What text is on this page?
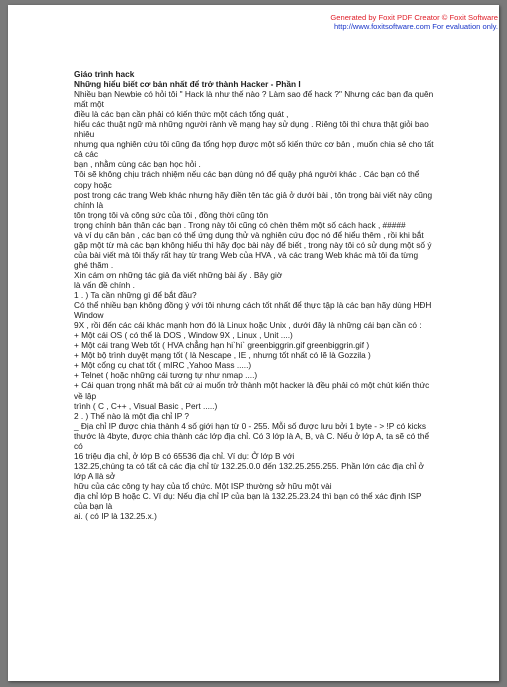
Generated by Foxit PDF Creator © Foxit Software
http://www.foxitsoftware.com For evaluation only.
Giáo trình hack
Những hiểu biết cơ bản nhất để trở thành Hacker - Phần I
Nhiều bạn Newbie có hỏi tôi " Hack là như thế nào ? Làm sao để hack ?" Nhưng các bạn đa quên mất một
điều là các bạn cần phải có kiến thức một cách tổng quát ,
hiểu các thuật ngữ mà những người rành về mạng hay sử dụng . Riêng tôi thì chưa thật giỏi bao nhiêu
nhưng qua nghiên cứu tôi cũng đa tổng hợp được một số kiến thức cơ bản , muốn chia sẻ cho tất cả các
bạn , nhằm cùng các bạn học hỏi .
Tôi sẽ không chịu trách nhiệm nếu các bạn dùng nó để quậy phá người khác . Các bạn có thể copy hoặc
post trong các trang Web khác nhưng hãy điền tên tác giả ở dưới bài , tôn trọng bài viết này cũng chính là
tôn trọng tôi và công sức của tôi , đồng thời cũng tôn
trọng chính bản thân các bạn . Trong này tôi cũng có chèn thêm một số cách hack , #####
và ví dụ căn bản , các bạn có thể ứng dụng thử và nghiên cứu đọc nó để hiểu thêm , rồi khi bắt gặp một từ mà các bạn không hiểu thì hãy đọc bài này để biết , trong này tôi có sử dụng một số ý
của bài viết mà tôi thấy rất hay từ trang Web của HVA , và các trang Web khác mà tôi đa từng ghé thăm .
Xin cám ơn những tác giả đa viết những bài ấy . Bây giờ
là vấn đề chính .
1 . ) Ta cần những gì để bắt đầu?
Có thể nhiều bạn không đồng ý với tôi nhưng cách tốt nhất để thực tập là các bạn hãy dùng HĐH Window
9X , rồi đến các cái khác mạnh hơn đó là Linux hoặc Unix , dưới đây là những cái bạn cần có :
+ Một cái OS ( có thể là DOS , Window 9X , Linux , Unit ....)
+ Một cái trang Web tốt ( HVA chẳng hạn hi`hi` greenbiggrin.gif greenbiggrin.gif )
+ Một bộ trình duyệt mạng tốt ( là Nescape , IE , nhưng tốt nhất có lẽ là Gozzila )
+ Một cổng cụ chat tốt ( mIRC ,Yahoo Mass .....)
+ Telnet ( hoặc những cái tương tự như nmap ....)
+ Cái quan trọng nhất mà bất cứ ai muốn trở thành một hacker là đều phải có một chút kiến thức về lập
trình ( C , C++ , Visual Basic , Pert .....)
2 . ) Thế nào là một địa chỉ IP ?
_ Địa chỉ IP được chia thành 4 số giới hạn từ 0 - 255. Mỗi số được lưu bởi 1 byte - > !P có kicks thước là 4byte, được chia thành các lớp địa chỉ. Có 3 lớp là A, B, và C. Nếu ở lớp A, ta sẽ có thể có
16 triệu địa chỉ, ở lớp B có 65536 địa chỉ. Ví dụ: Ở lớp B với
132.25,chúng ta có tất cả các địa chỉ từ 132.25.0.0 đến 132.25.255.255. Phần lớn các địa chỉ ở lớp A llà sở
hữu của các công ty hay của tổ chức. Một ISP thường sở hữu một vài
địa chỉ lớp B hoặc C. Ví dụ: Nếu địa chỉ IP của bạn là 132.25.23.24 thì bạn có thể xác định ISP của bạn là
ai. ( có IP là 132.25.x.)
